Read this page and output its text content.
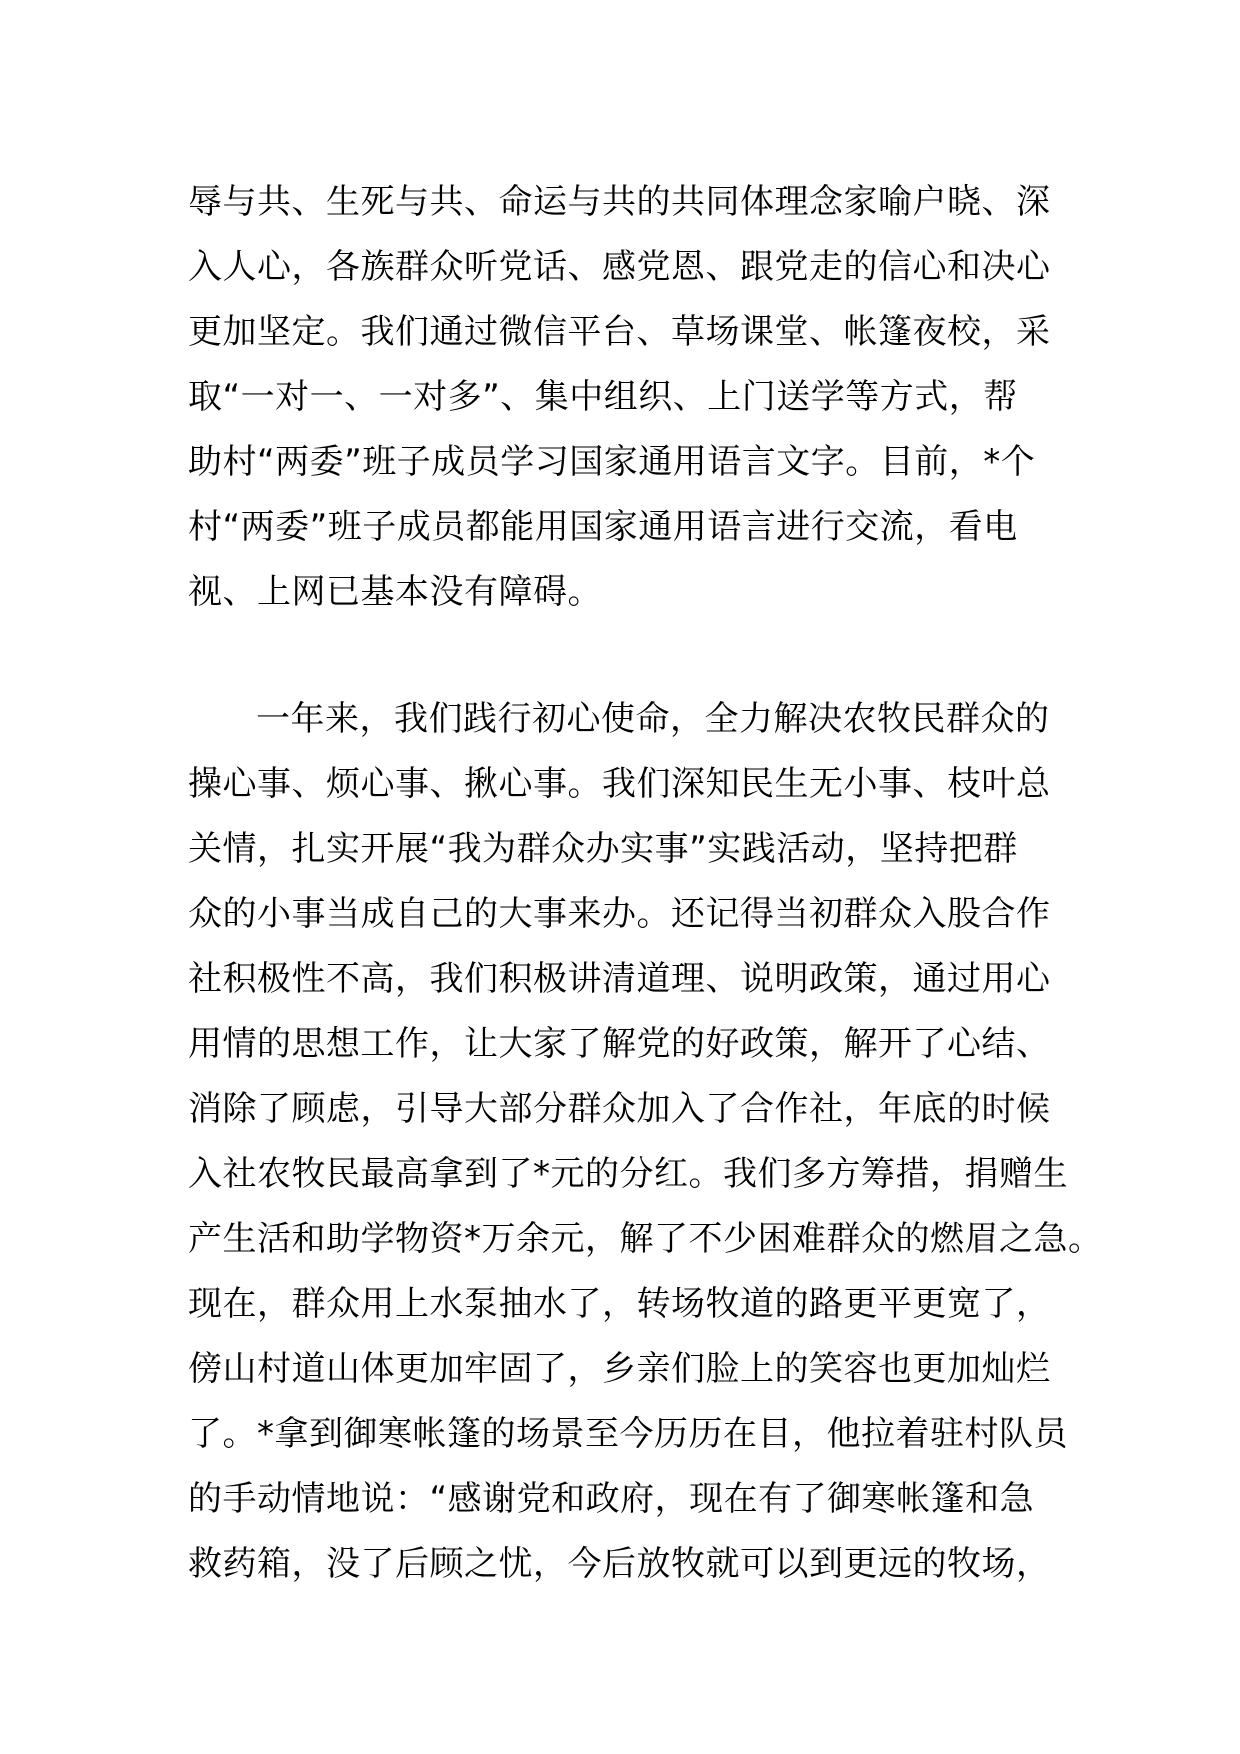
辱与共、生死与共、命运与共的共同体理念家喻户晓、深
入人心，各族群众听党话、感党恩、跟党走的信心和决心
更加坚定。我们通过微信平台、草场课堂、帐篷夜校，采
取“一对一、一对多”、集中组织、上门送学等方式，帮
助村“两委”班子成员学习国家通用语言文字。目前，*个
村“两委”班子成员都能用国家通用语言进行交流，看电
视、上网已基本没有障碍。
一年来，我们践行初心使命，全力解决农牧民群众的
操心事、烦心事、揪心事。我们深知民生无小事、枝叶总
关情，扎实开展“我为群众办实事”实践活动，坚持把群
众的小事当成自己的大事来办。还记得当初群众入股合作
社积极性不高，我们积极讲清道理、说明政策，通过用心
用情的思想工作，让大家了解党的好政策，解开了心结、
消除了顾虑，引导大部分群众加入了合作社，年底的时候
入社农牧民最高拿到了*元的分红。我们多方筹措，捐赠生
产生活和助学物资*万余元，解了不少困难群众的燃眉之急。
现在，群众用上水泵抽水了，转场牧道的路更平更宽了，
傍山村道山体更加牢固了，乡亲们脸上的笑容也更加灿烂
了。*拿到御寒帐篷的场景至今历历在目，他拉着驻村队员
的手动情地说：“感谢党和政府，现在有了御寒帐篷和急
救药箱，没了后顾之忧，今后放牧就可以到更远的牧场，
